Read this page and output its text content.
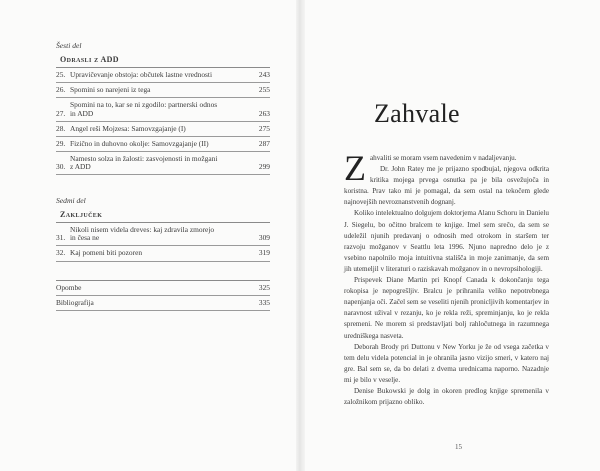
Šesti del
Odrasli z ADD
25. Upravičevanje obstoja: občutek lastne vrednosti	243
26. Spomini so narejeni iz tega	255
27.
Spomini na to, kar se ni zgodilo: partnerski odnos
in ADD	263
28. Angel reši Mojzesa: Samovzgajanje (I)	275
29. Fizično in duhovno okolje: Samovzgajanje (II)	287
30.
Namesto solza in žalosti: zasvojenosti in možgani
z ADD	299
Sedmi del
Zaključek
31.
Nikoli nisem videla dreves: kaj zdravila zmorejo
in česa ne	309
32. Kaj pomeni biti pozoren	319
Opombe	325
Bibliografija	335
Zahvale

Zahvaliti se moram vsem navedenim v nadaljevanju.

Dr. John Ratey me je prijazno spodbujal, njegova odkrita kritika mojega prvega osnutka pa je bila osvežujoča in koristna. Prav tako mi je pomagal, da sem ostal na tekočem glede najnovejših nevroznanstvenih dognanj.

Koliko intelektualno dolgujem doktorjema Alanu Schoru in Danielu J. Siegelu, bo očitno bralcem te knjige. Imel sem srečo, da sem se udeležil njunih predavanj o odnosih med otrokom in staršem ter razvoju možganov v Seattlu leta 1996. Njuno napredno delo je z vsebino napolnilo moja intuitivna stališča in moje zanimanje, da sem jih utemeljil v literaturi o raziskavah možganov in o nevropsihologiji.

Prispevek Diane Martin pri Knopf Canada k dokončanju tega rokopisa je nepogrešljiv. Bralcu je prihranila veliko nepotrebnega napenjanja oči. Začel sem se veseliti njenih pronicljivih komentarjev in naravnost užival v rezanju, ko je rekla reži, spreminjanju, ko je rekla spremeni. Ne morem si predstavljati bolj rahločutnega in razumnega uredniškega nasveta.

Deborah Brody pri Duttonu v New Yorku je že od vsega začetka v tem delu videla potencial in je ohranila jasno vizijo smeri, v katero naj gre. Bal sem se, da bo delati z dvema urednicama naporno. Nazadnje mi je bilo v veselje.

Denise Bukowski je dolg in okoren predlog knjige spremenila v založnikom prijazno obliko.

15
